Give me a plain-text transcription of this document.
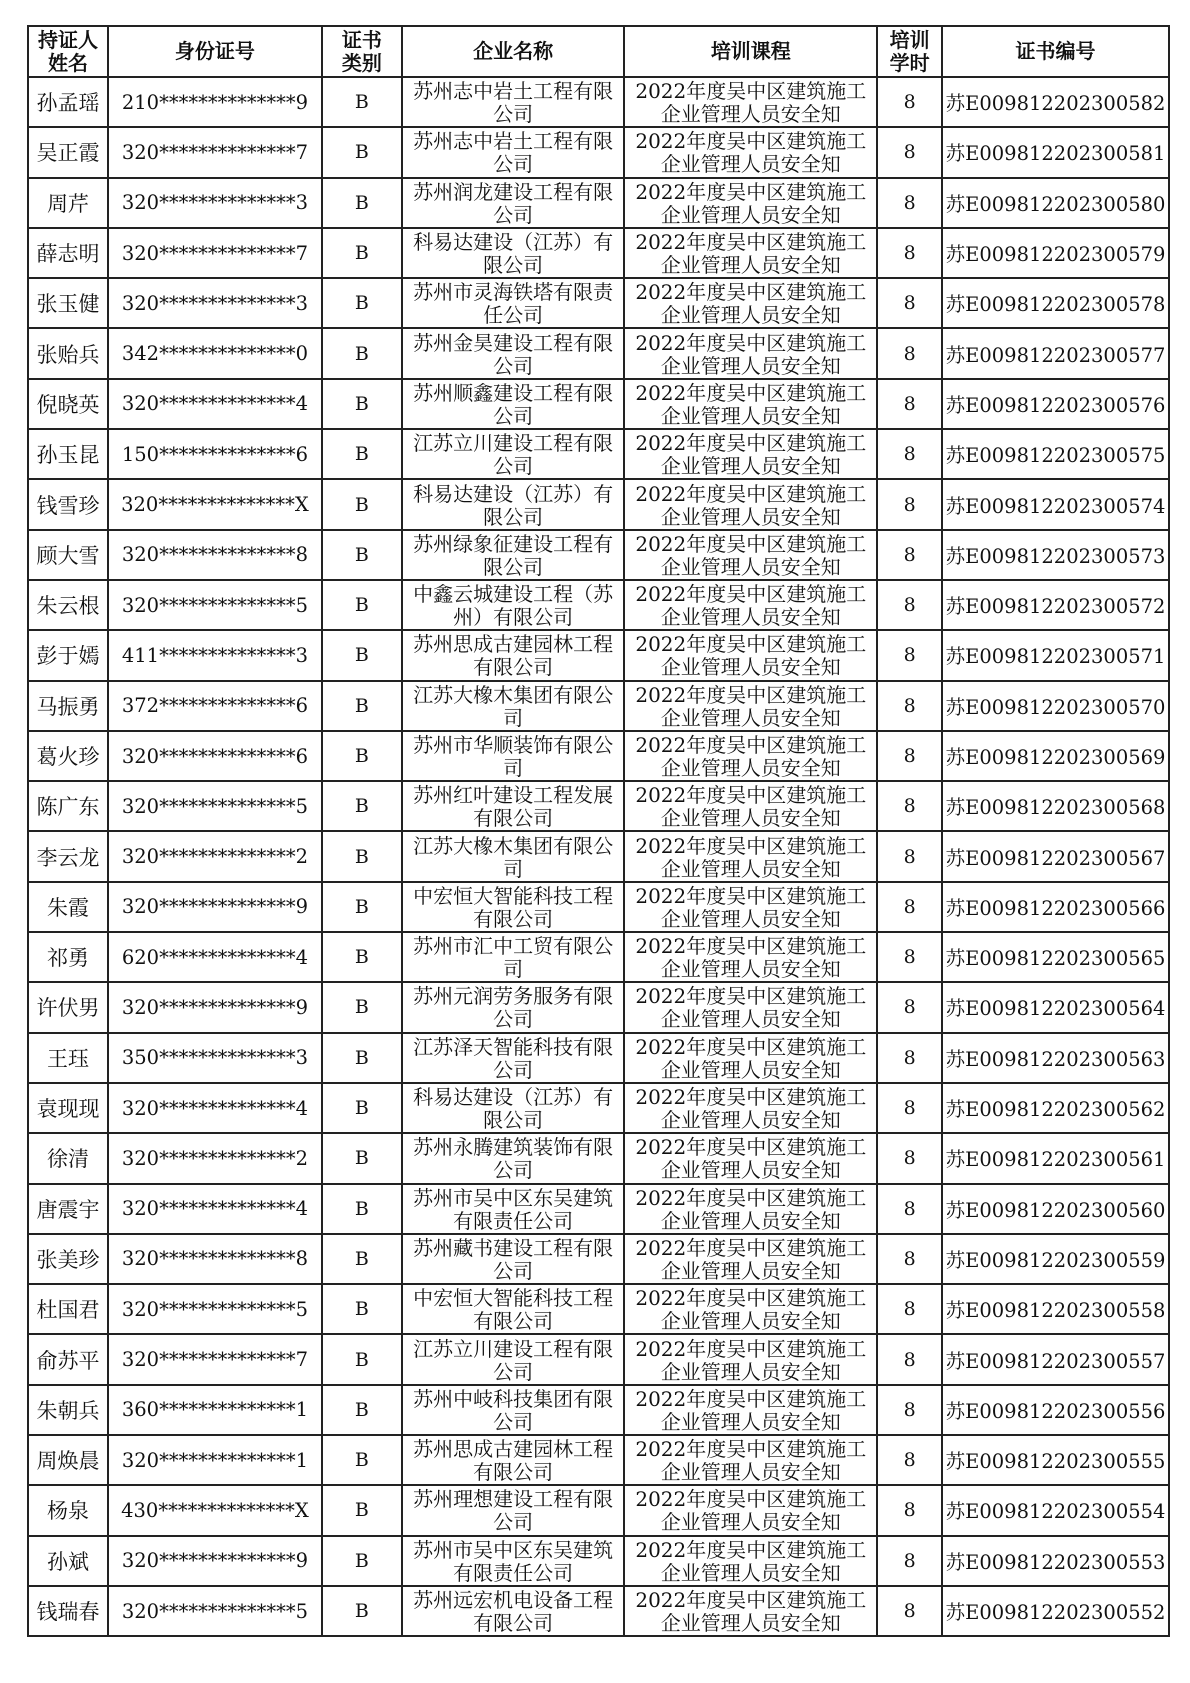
持证人姓名	身份证号	证书类别	企业名称	培训课程	培训学时	证书编号
孙孟瑶	210**************9	B	苏州志中岩土工程有限公司	2022年度吴中区建筑施工企业管理人员安全知	8	苏E009812202300582
吴正霞	320**************7	B	苏州志中岩土工程有限公司	2022年度吴中区建筑施工企业管理人员安全知	8	苏E009812202300581
周芹	320**************3	B	苏州润龙建设工程有限公司	2022年度吴中区建筑施工企业管理人员安全知	8	苏E009812202300580
薛志明	320**************7	B	科易达建设（江苏）有限公司	2022年度吴中区建筑施工企业管理人员安全知	8	苏E009812202300579
张玉健	320**************3	B	苏州市灵海铁塔有限责任公司	2022年度吴中区建筑施工企业管理人员安全知	8	苏E009812202300578
张贻兵	342**************0	B	苏州金昊建设工程有限公司	2022年度吴中区建筑施工企业管理人员安全知	8	苏E009812202300577
倪晓英	320**************4	B	苏州顺鑫建设工程有限公司	2022年度吴中区建筑施工企业管理人员安全知	8	苏E009812202300576
孙玉昆	150**************6	B	江苏立川建设工程有限公司	2022年度吴中区建筑施工企业管理人员安全知	8	苏E009812202300575
钱雪珍	320**************X	B	科易达建设（江苏）有限公司	2022年度吴中区建筑施工企业管理人员安全知	8	苏E009812202300574
顾大雪	320**************8	B	苏州绿象征建设工程有限公司	2022年度吴中区建筑施工企业管理人员安全知	8	苏E009812202300573
朱云根	320**************5	B	中鑫云城建设工程（苏州）有限公司	2022年度吴中区建筑施工企业管理人员安全知	8	苏E009812202300572
彭于嫣	411**************3	B	苏州思成古建园林工程有限公司	2022年度吴中区建筑施工企业管理人员安全知	8	苏E009812202300571
马振勇	372**************6	B	江苏大橡木集团有限公司	2022年度吴中区建筑施工企业管理人员安全知	8	苏E009812202300570
葛火珍	320**************6	B	苏州市华顺装饰有限公司	2022年度吴中区建筑施工企业管理人员安全知	8	苏E009812202300569
陈广东	320**************5	B	苏州红叶建设工程发展有限公司	2022年度吴中区建筑施工企业管理人员安全知	8	苏E009812202300568
李云龙	320**************2	B	江苏大橡木集团有限公司	2022年度吴中区建筑施工企业管理人员安全知	8	苏E009812202300567
朱霞	320**************9	B	中宏恒大智能科技工程有限公司	2022年度吴中区建筑施工企业管理人员安全知	8	苏E009812202300566
祁勇	620**************4	B	苏州市汇中工贸有限公司	2022年度吴中区建筑施工企业管理人员安全知	8	苏E009812202300565
许伏男	320**************9	B	苏州元润劳务服务有限公司	2022年度吴中区建筑施工企业管理人员安全知	8	苏E009812202300564
王珏	350**************3	B	江苏泽天智能科技有限公司	2022年度吴中区建筑施工企业管理人员安全知	8	苏E009812202300563
袁现现	320**************4	B	科易达建设（江苏）有限公司	2022年度吴中区建筑施工企业管理人员安全知	8	苏E009812202300562
徐清	320**************2	B	苏州永腾建筑装饰有限公司	2022年度吴中区建筑施工企业管理人员安全知	8	苏E009812202300561
唐震宇	320**************4	B	苏州市吴中区东吴建筑有限责任公司	2022年度吴中区建筑施工企业管理人员安全知	8	苏E009812202300560
张美珍	320**************8	B	苏州藏书建设工程有限公司	2022年度吴中区建筑施工企业管理人员安全知	8	苏E009812202300559
杜国君	320**************5	B	中宏恒大智能科技工程有限公司	2022年度吴中区建筑施工企业管理人员安全知	8	苏E009812202300558
俞苏平	320**************7	B	江苏立川建设工程有限公司	2022年度吴中区建筑施工企业管理人员安全知	8	苏E009812202300557
朱朝兵	360**************1	B	苏州中岐科技集团有限公司	2022年度吴中区建筑施工企业管理人员安全知	8	苏E009812202300556
周焕晨	320**************1	B	苏州思成古建园林工程有限公司	2022年度吴中区建筑施工企业管理人员安全知	8	苏E009812202300555
杨泉	430**************X	B	苏州理想建设工程有限公司	2022年度吴中区建筑施工企业管理人员安全知	8	苏E009812202300554
孙斌	320**************9	B	苏州市吴中区东吴建筑有限责任公司	2022年度吴中区建筑施工企业管理人员安全知	8	苏E009812202300553
钱瑞春	320**************5	B	苏州远宏机电设备工程有限公司	2022年度吴中区建筑施工企业管理人员安全知	8	苏E009812202300552
